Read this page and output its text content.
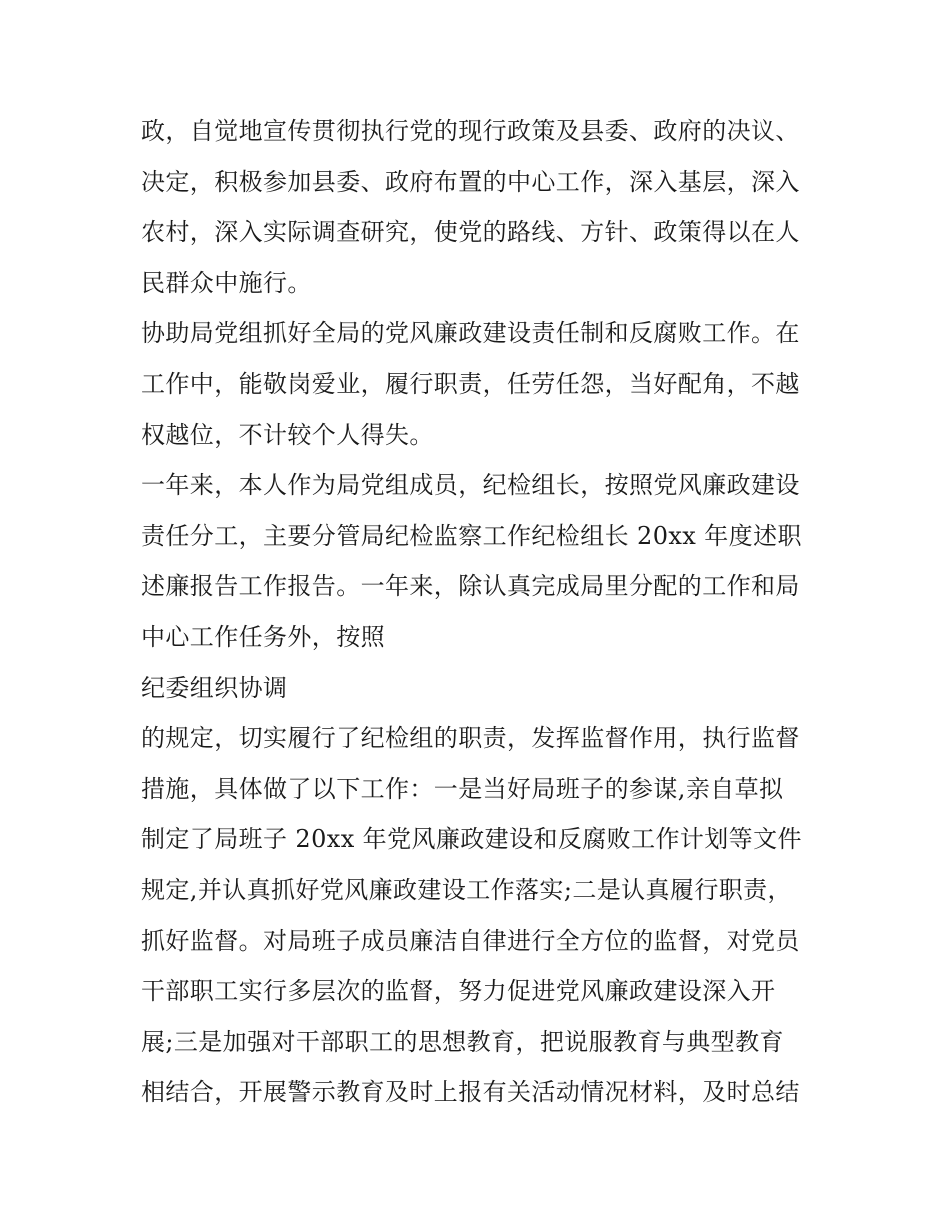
政，自觉地宣传贯彻执行党的现行政策及县委、政府的决议、
决定，积极参加县委、政府布置的中心工作，深入基层，深入
农村，深入实际调查研究，使党的路线、方针、政策得以在人
民群众中施行。
协助局党组抓好全局的党风廉政建设责任制和反腐败工作。在
工作中，能敬岗爱业，履行职责，任劳任怨，当好配角，不越
权越位，不计较个人得失。
一年来，本人作为局党组成员，纪检组长，按照党风廉政建设
责任分工，主要分管局纪检监察工作纪检组长 20xx 年度述职
述廉报告工作报告。一年来，除认真完成局里分配的工作和局
中心工作任务外，按照
纪委组织协调
的规定，切实履行了纪检组的职责，发挥监督作用，执行监督
措施，具体做了以下工作：一是当好局班子的参谋,亲自草拟
制定了局班子 20xx 年党风廉政建设和反腐败工作计划等文件
规定,并认真抓好党风廉政建设工作落实;二是认真履行职责，
抓好监督。对局班子成员廉洁自律进行全方位的监督，对党员
干部职工实行多层次的监督，努力促进党风廉政建设深入开
展;三是加强对干部职工的思想教育，把说服教育与典型教育
相结合，开展警示教育及时上报有关活动情况材料，及时总结
